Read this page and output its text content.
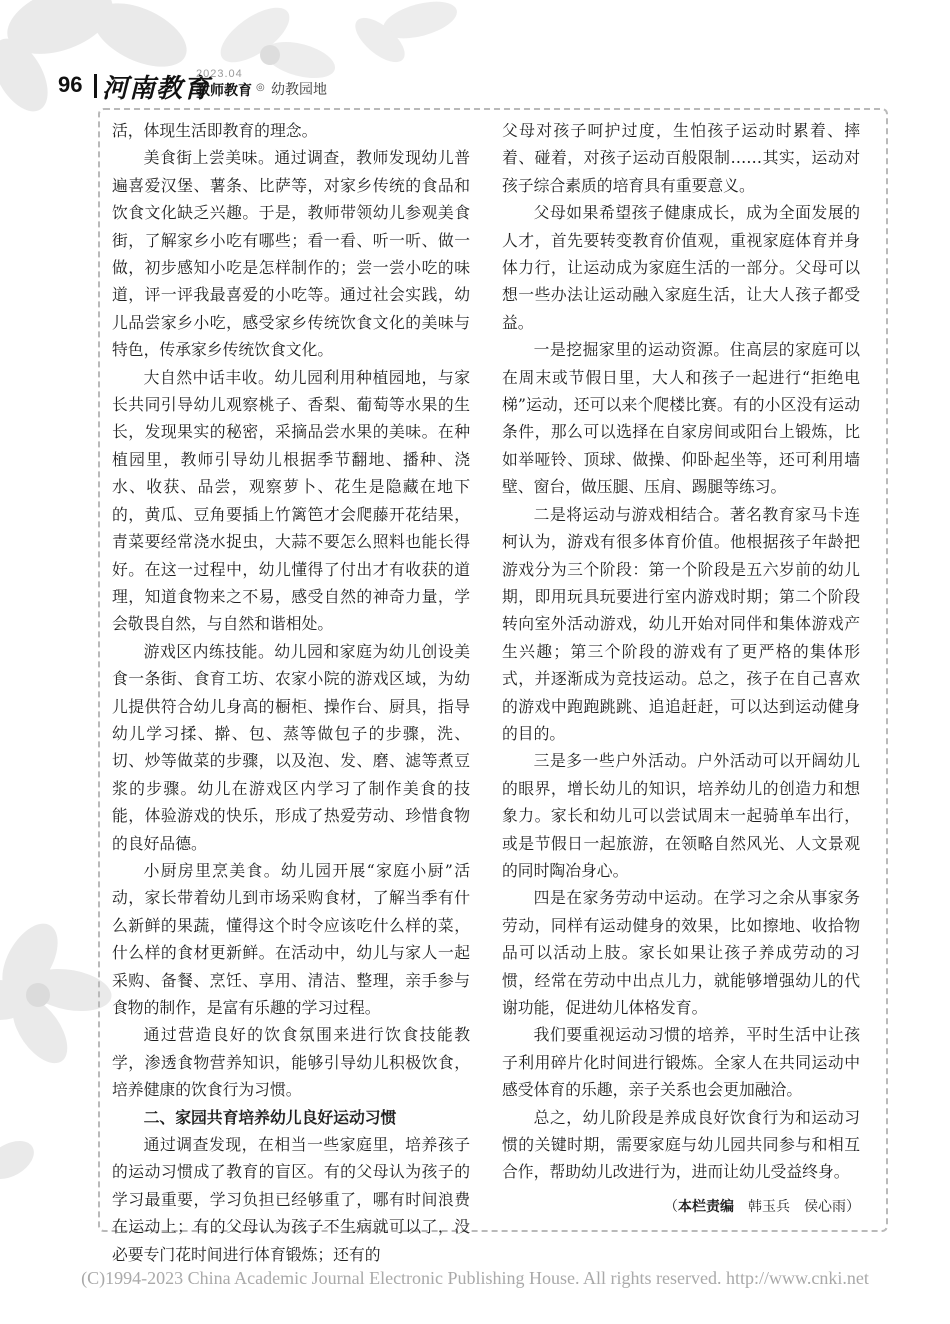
96 河南教育
2023.04
教师教育 ◎ 幼教园地

活，体现生活即教育的理念。

美食街上尝美味。通过调查，教师发现幼儿普遍喜爱汉堡、薯条、比萨等，对家乡传统的食品和饮食文化缺乏兴趣。于是，教师带领幼儿参观美食街，了解家乡小吃有哪些；看一看、听一听、做一做，初步感知小吃是怎样制作的；尝一尝小吃的味道，评一评我最喜爱的小吃等。通过社会实践，幼儿品尝家乡小吃，感受家乡传统饮食文化的美味与特色，传承家乡传统饮食文化。

大自然中话丰收。幼儿园利用种植园地，与家长共同引导幼儿观察桃子、香梨、葡萄等水果的生长，发现果实的秘密，采摘品尝水果的美味。在种植园里，教师引导幼儿根据季节翻地、播种、浇水、收获、品尝，观察萝卜、花生是隐藏在地下的，黄瓜、豆角要插上竹篱笆才会爬藤开花结果，青菜要经常浇水捉虫，大蒜不要怎么照料也能长得好。在这一过程中，幼儿懂得了付出才有收获的道理，知道食物来之不易，感受自然的神奇力量，学会敬畏自然，与自然和谐相处。

游戏区内练技能。幼儿园和家庭为幼儿创设美食一条街、食育工坊、农家小院的游戏区域，为幼儿提供符合幼儿身高的橱柜、操作台、厨具，指导幼儿学习揉、擀、包、蒸等做包子的步骤，洗、切、炒等做菜的步骤，以及泡、发、磨、滤等煮豆浆的步骤。幼儿在游戏区内学习了制作美食的技能，体验游戏的快乐，形成了热爱劳动、珍惜食物的良好品德。

小厨房里烹美食。幼儿园开展“家庭小厨”活动，家长带着幼儿到市场采购食材，了解当季有什么新鲜的果蔬，懂得这个时令应该吃什么样的菜，什么样的食材更新鲜。在活动中，幼儿与家人一起采购、备餐、烹饪、享用、清洁、整理，亲手参与食物的制作，是富有乐趣的学习过程。

通过营造良好的饮食氛围来进行饮食技能教学，渗透食物营养知识，能够引导幼儿积极饮食，培养健康的饮食行为习惯。

二、家园共育培养幼儿良好运动习惯

通过调查发现，在相当一些家庭里，培养孩子的运动习惯成了教育的盲区。有的父母认为孩子的学习最重要，学习负担已经够重了，哪有时间浪费在运动上；有的父母认为孩子不生病就可以了，没必要专门花时间进行体育锻炼；还有的

父母对孩子呵护过度，生怕孩子运动时累着、摔着、碰着，对孩子运动百般限制……其实，运动对孩子综合素质的培育具有重要意义。

父母如果希望孩子健康成长，成为全面发展的人才，首先要转变教育价值观，重视家庭体育并身体力行，让运动成为家庭生活的一部分。父母可以想一些办法让运动融入家庭生活，让大人孩子都受益。

一是挖掘家里的运动资源。住高层的家庭可以在周末或节假日里，大人和孩子一起进行“拒绝电梯”运动，还可以来个爬楼比赛。有的小区没有运动条件，那么可以选择在自家房间或阳台上锻炼，比如举哑铃、顶球、做操、仰卧起坐等，还可利用墙壁、窗台，做压腿、压肩、踢腿等练习。

二是将运动与游戏相结合。著名教育家马卡连柯认为，游戏有很多体育价值。他根据孩子年龄把游戏分为三个阶段：第一个阶段是五六岁前的幼儿期，即用玩具玩要进行室内游戏时期；第二个阶段转向室外活动游戏，幼儿开始对同伴和集体游戏产生兴趣；第三个阶段的游戏有了更严格的集体形式，并逐渐成为竞技运动。总之，孩子在自己喜欢的游戏中跑跑跳跳、追追赶赶，可以达到运动健身的目的。

三是多一些户外活动。户外活动可以开阔幼儿的眼界，增长幼儿的知识，培养幼儿的创造力和想象力。家长和幼儿可以尝试周末一起骑单车出行，或是节假日一起旅游，在领略自然风光、人文景观的同时陶冶身心。

四是在家务劳动中运动。在学习之余从事家务劳动，同样有运动健身的效果，比如擦地、收拾物品可以活动上肢。家长如果让孩子养成劳动的习惯，经常在劳动中出点儿力，就能够增强幼儿的代谢功能，促进幼儿体格发育。

我们要重视运动习惯的培养，平时生活中让孩子利用碎片化时间进行锻炼。全家人在共同运动中感受体育的乐趣，亲子关系也会更加融洽。

总之，幼儿阶段是养成良好饮食行为和运动习惯的关键时期，需要家庭与幼儿园共同参与和相互合作，帮助幼儿改进行为，进而让幼儿受益终身。

（本栏责编　 韩玉兵　侯心雨）
(C)1994-2023 China Academic Journal Electronic Publishing House. All rights reserved. http://www.cnki.net
